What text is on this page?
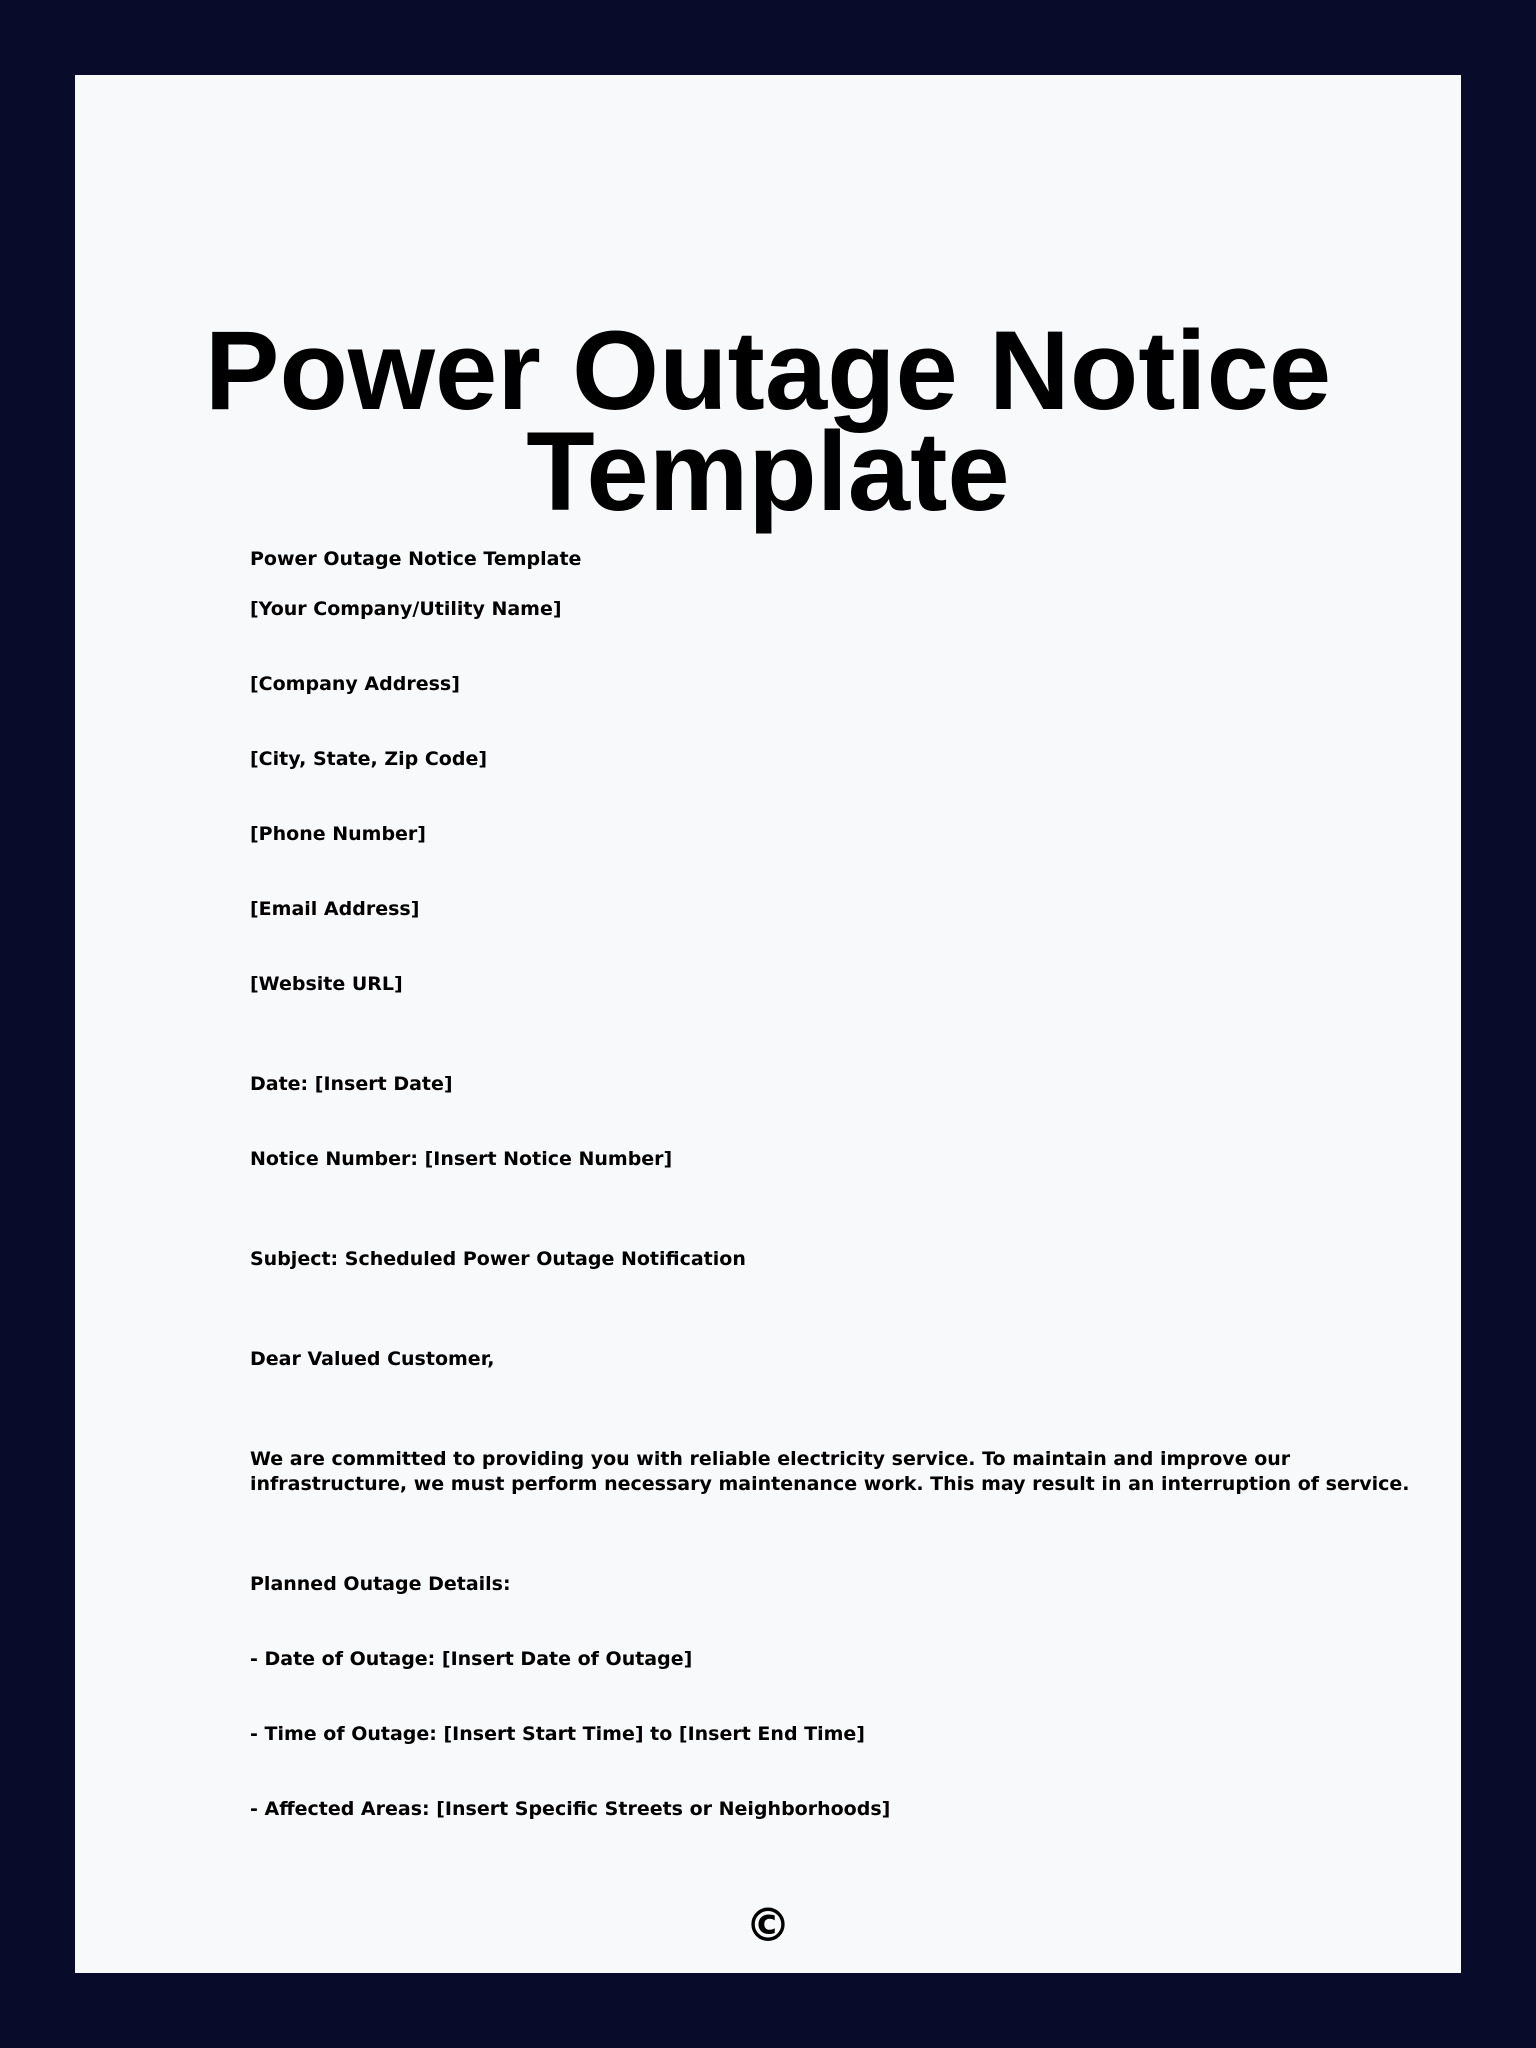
Power Outage Notice
Template

Power Outage Notice Template

[Your Company/Utility Name]

[Company Address]

[City, State, Zip Code]

[Phone Number]

[Email Address]

[Website URL]

Date: [Insert Date]

Notice Number: [Insert Notice Number]

Subject: Scheduled Power Outage Notification

Dear Valued Customer,

We are committed to providing you with reliable electricity service. To maintain and improve our
infrastructure, we must perform necessary maintenance work. This may result in an interruption of service.

Planned Outage Details:

- Date of Outage: [Insert Date of Outage]

- Time of Outage: [Insert Start Time] to [Insert End Time]

- Affected Areas: [Insert Specific Streets or Neighborhoods]

©
